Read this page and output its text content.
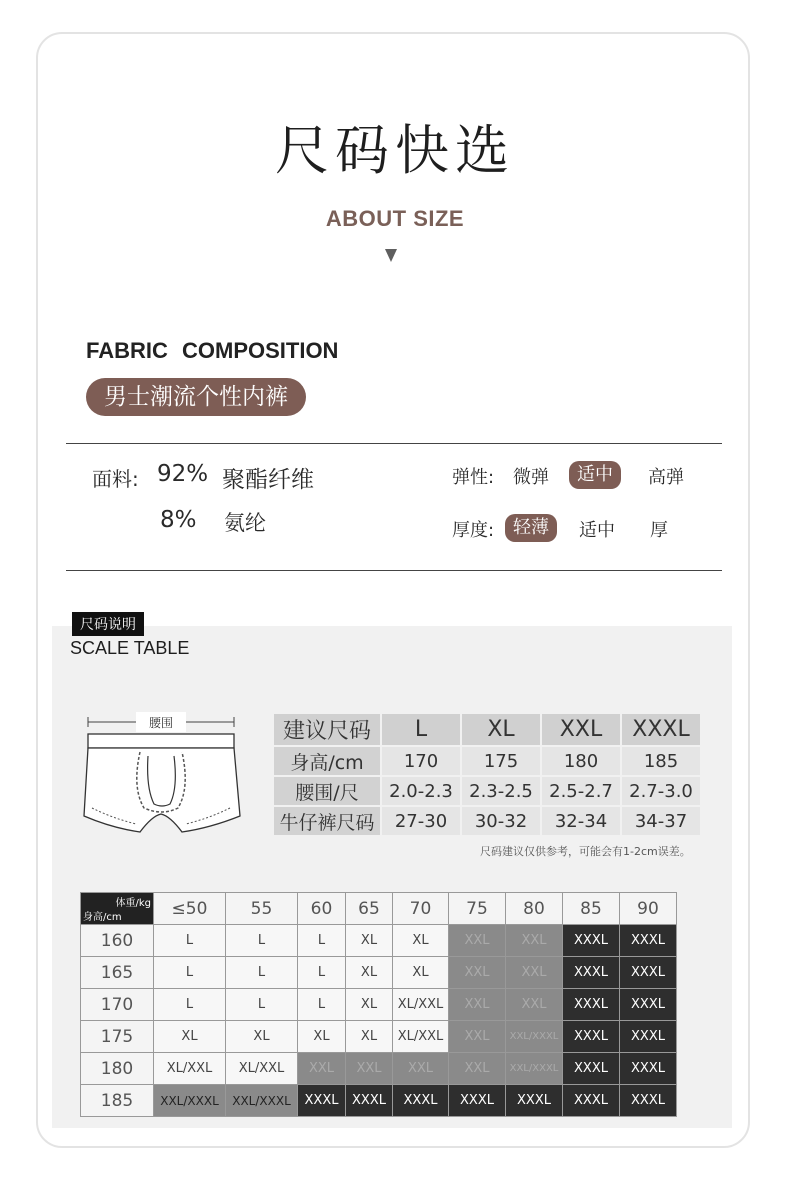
尺码快选
ABOUT SIZE
FABRIC COMPOSITION
男士潮流个性内裤
面料: 92% 聚酯纤维
8% 氨纶
弹性: 微弹	适中	高弹
厚度:	轻薄	适中 厚
尺码说明
SCALE TABLE
腰围	建议尺码	L	XL	XXL	XXXL
身高/cm	170	175	180	185
腰围/尺	2.0-2.3	2.3-2.5	2.5-2.7	2.7-3.0
牛仔裤尺码	27-30	30-32	32-34	34-37
尺码建议仅供参考，可能会有1-2cm误差。
体重/kg
身高/cm	≤50	55	60	65	70	75	80	85	90
160	L	L	L	XL	XL	XXL	XXL	XXXL	XXXL
165	L	L	L	XL	XL	XXL	XXL	XXXL	XXXL
170	L	L	L	XL	XL/XXL	XXL	XXL	XXXL	XXXL
175	XL	XL	XL	XL	XL/XXL	XXL	XXL/XXXL	XXXL	XXXL
180	XL/XXL	XL/XXL	XXL	XXL	XXL	XXL	XXL/XXXL	XXXL	XXXL
185	XXL/XXXL	XXL/XXXL	XXXL	XXXL	XXXL	XXXL	XXXL	XXXL	XXXL
